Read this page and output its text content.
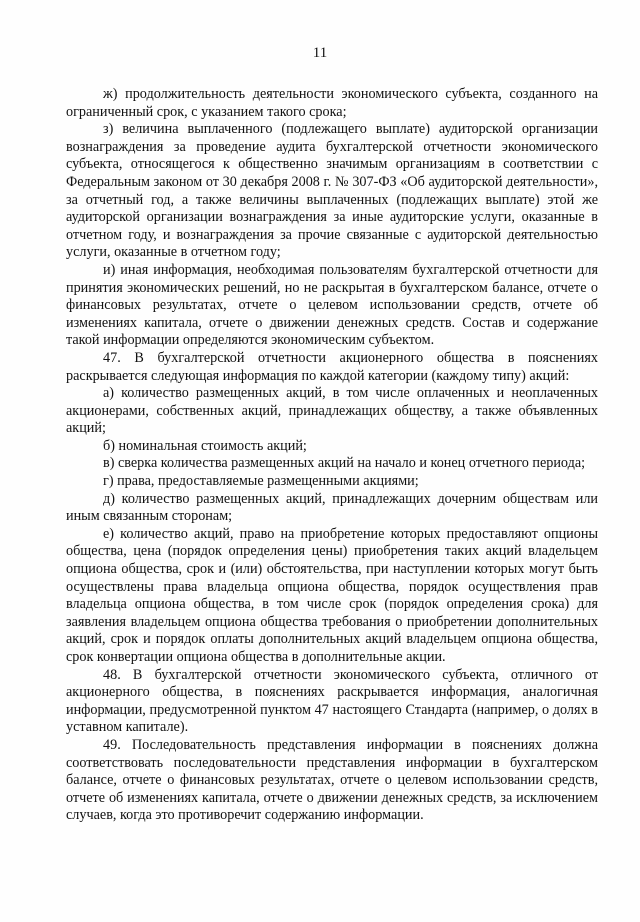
11

ж) продолжительность деятельности экономического субъекта, созданного на ограниченный срок, с указанием такого срока;

з) величина выплаченного (подлежащего выплате) аудиторской организации вознаграждения за проведение аудита бухгалтерской отчетности экономического субъекта, относящегося к общественно значимым организациям в соответствии с Федеральным законом от 30 декабря 2008 г. № 307-ФЗ «Об аудиторской деятельности», за отчетный год, а также величины выплаченных (подлежащих выплате) этой же аудиторской организации вознаграждения за иные аудиторские услуги, оказанные в отчетном году, и вознаграждения за прочие связанные с аудиторской деятельностью услуги, оказанные в отчетном году;

и) иная информация, необходимая пользователям бухгалтерской отчетности для принятия экономических решений, но не раскрытая в бухгалтерском балансе, отчете о финансовых результатах, отчете о целевом использовании средств, отчете об изменениях капитала, отчете о движении денежных средств. Состав и содержание такой информации определяются экономическим субъектом.

47. В бухгалтерской отчетности акционерного общества в пояснениях раскрывается следующая информация по каждой категории (каждому типу) акций:

а) количество размещенных акций, в том числе оплаченных и неоплаченных акционерами, собственных акций, принадлежащих обществу, а также объявленных акций;

б) номинальная стоимость акций;

в) сверка количества размещенных акций на начало и конец отчетного периода;

г) права, предоставляемые размещенными акциями;

д) количество размещенных акций, принадлежащих дочерним обществам или иным связанным сторонам;

е) количество акций, право на приобретение которых предоставляют опционы общества, цена (порядок определения цены) приобретения таких акций владельцем опциона общества, срок и (или) обстоятельства, при наступлении которых могут быть осуществлены права владельца опциона общества, порядок осуществления прав владельца опциона общества, в том числе срок (порядок определения срока) для заявления владельцем опциона общества требования о приобретении дополнительных акций, срок и порядок оплаты дополнительных акций владельцем опциона общества, срок конвертации опциона общества в дополнительные акции.

48. В бухгалтерской отчетности экономического субъекта, отличного от акционерного общества, в пояснениях раскрывается информация, аналогичная информации, предусмотренной пунктом 47 настоящего Стандарта (например, о долях в уставном капитале).

49. Последовательность представления информации в пояснениях должна соответствовать последовательности представления информации в бухгалтерском балансе, отчете о финансовых результатах, отчете о целевом использовании средств, отчете об изменениях капитала, отчете о движении денежных средств, за исключением случаев, когда это противоречит содержанию информации.
